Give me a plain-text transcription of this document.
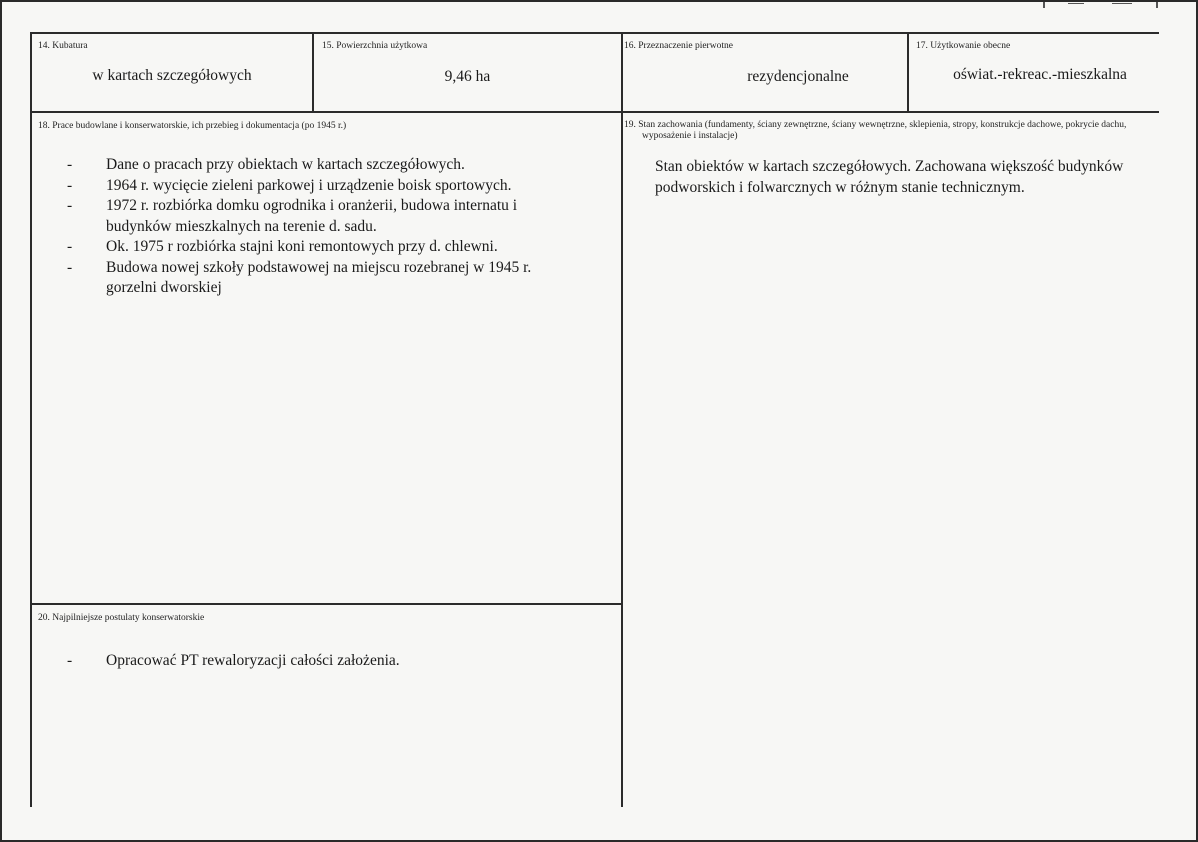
14. Kubatura
w kartach szczegółowych
15. Powierzchnia użytkowa
9,46 ha
16. Przeznaczenie pierwotne
rezydencjonalne
17. Użytkowanie obecne
oświat.-rekreac.-mieszkalna
18. Prace budowlane i konserwatorskie, ich przebieg i dokumentacja (po 1945 r.)
- Dane o pracach przy obiektach w kartach szczegółowych.
- 1964 r. wycięcie zieleni parkowej i urządzenie boisk sportowych.
- 1972 r. rozbiórka domku ogrodnika i oranżerii, budowa internatu i budynków mieszkalnych na terenie d. sadu.
- Ok. 1975 r rozbiórka stajni koni remontowych przy d. chlewni.
- Budowa nowej szkoły podstawowej na miejscu rozebranej w 1945 r. gorzelni dworskiej
19. Stan zachowania (fundamenty, ściany zewnętrzne, ściany wewnętrzne, sklepienia, stropy, konstrukcje dachowe, pokrycie dachu, wyposażenie i instalacje)
Stan obiektów w kartach szczegółowych. Zachowana większość budynków podworskich i folwarcznych w różnym stanie technicznym.
20. Najpilniejsze postulaty konserwatorskie
- Opracować PT rewaloryzacji całości założenia.
